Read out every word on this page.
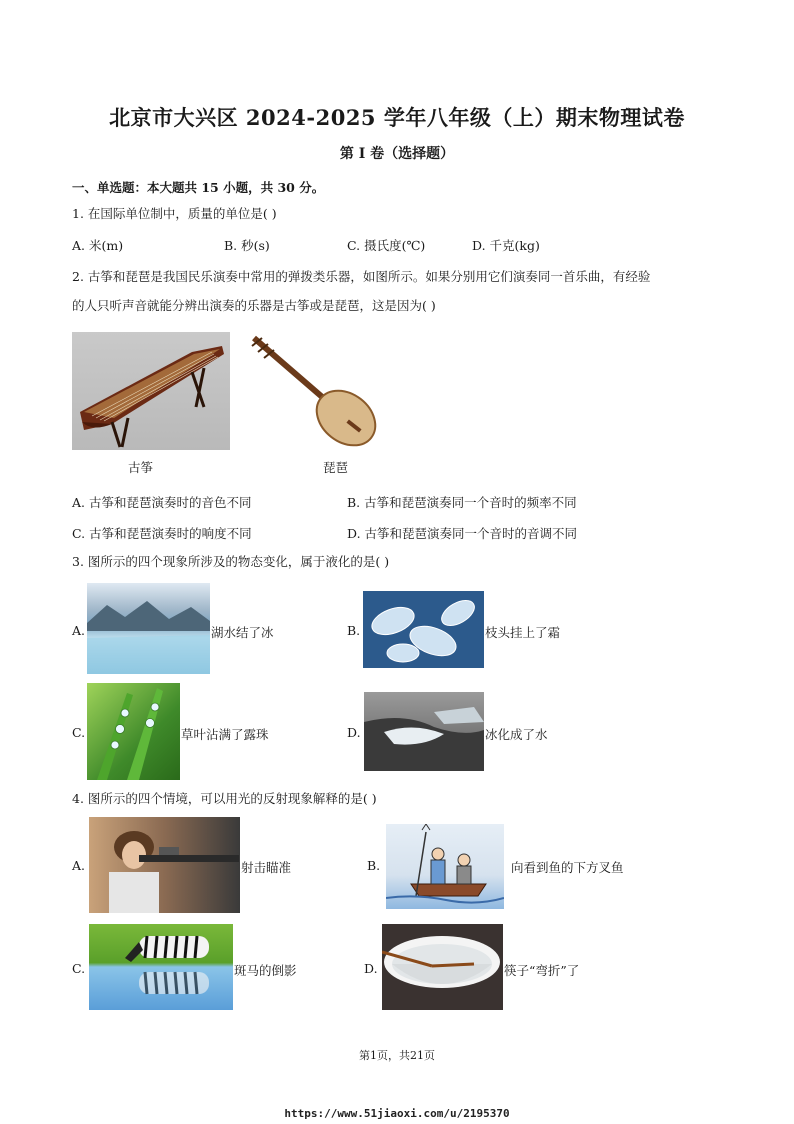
北京市大兴区 2024-2025 学年八年级（上）期末物理试卷
第 I 卷（选择题）
一、单选题：本大题共 15 小题，共 30 分。
1. 在国际单位制中，质量的单位是( )
A. 米(m)	B. 秒(s)	C. 摄氏度(℃)	D. 千克(kg)
2. 古筝和琵琶是我国民乐演奏中常用的弹拨类乐器，如图所示。如果分别用它们演奏同一首乐曲，有经验
的人只听声音就能分辨出演奏的乐器是古筝或是琵琶，这是因为( )
古筝	琵琶
A. 古筝和琵琶演奏时的音色不同	B. 古筝和琵琶演奏同一个音时的频率不同
C. 古筝和琵琶演奏时的响度不同	D. 古筝和琵琶演奏同一个音时的音调不同
3. 图所示的四个现象所涉及的物态变化，属于液化的是( )
A.	湖水结了冰	B.	枝头挂上了霜
C.	草叶沾满了露珠	D.	冰化成了水
4. 图所示的四个情境，可以用光的反射现象解释的是( )
A.	射击瞄准	B.	向看到鱼的下方叉鱼
C.	斑马的倒影	D.	筷子“弯折”了
第1页，共21页
https://www.51jiaoxi.com/u/2195370
